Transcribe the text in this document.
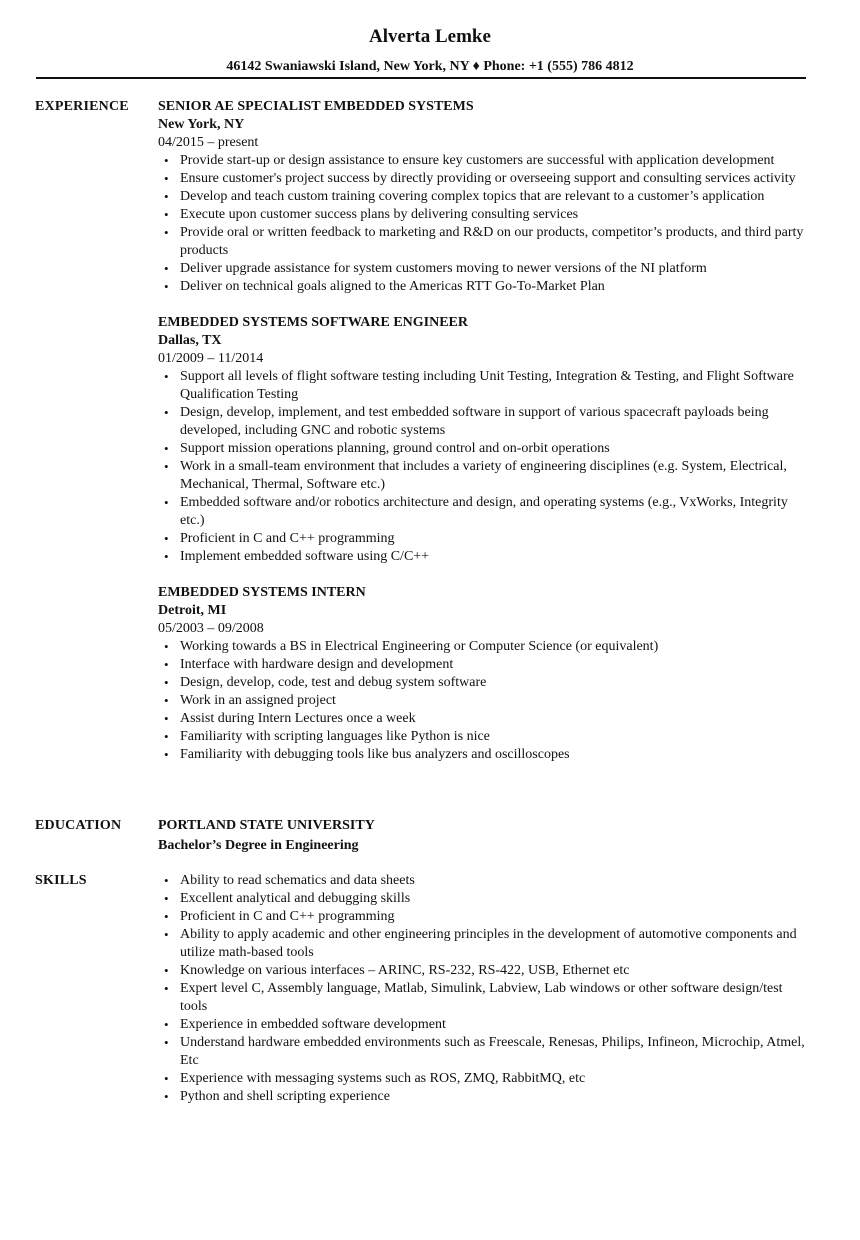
Alverta Lemke
46142 Swaniawski Island, New York, NY ♦ Phone: +1 (555) 786 4812
EXPERIENCE SENIOR AE SPECIALIST EMBEDDED SYSTEMS
New York, NY
04/2015 – present
• Provide start-up or design assistance to ensure key customers are successful with application development
• Ensure customer's project success by directly providing or overseeing support and consulting services activity
• Develop and teach custom training covering complex topics that are relevant to a customer’s application
• Execute upon customer success plans by delivering consulting services
• Provide oral or written feedback to marketing and R&D on our products, competitor’s products, and third party products
• Deliver upgrade assistance for system customers moving to newer versions of the NI platform
• Deliver on technical goals aligned to the Americas RTT Go-To-Market Plan
EMBEDDED SYSTEMS SOFTWARE ENGINEER
Dallas, TX
01/2009 – 11/2014
• Support all levels of flight software testing including Unit Testing, Integration & Testing, and Flight Software Qualification Testing
• Design, develop, implement, and test embedded software in support of various spacecraft payloads being developed, including GNC and robotic systems
• Support mission operations planning, ground control and on-orbit operations
• Work in a small-team environment that includes a variety of engineering disciplines (e.g. System, Electrical, Mechanical, Thermal, Software etc.)
• Embedded software and/or robotics architecture and design, and operating systems (e.g., VxWorks, Integrity etc.)
• Proficient in C and C++ programming
• Implement embedded software using C/C++
EMBEDDED SYSTEMS INTERN
Detroit, MI
05/2003 – 09/2008
• Working towards a BS in Electrical Engineering or Computer Science (or equivalent)
• Interface with hardware design and development
• Design, develop, code, test and debug system software
• Work in an assigned project
• Assist during Intern Lectures once a week
• Familiarity with scripting languages like Python is nice
• Familiarity with debugging tools like bus analyzers and oscilloscopes
EDUCATION	PORTLAND STATE UNIVERSITY
Bachelor’s Degree in Engineering
SKILLS
•	Ability to read schematics and data sheets
• Excellent analytical and debugging skills
• Proficient in C and C++ programming
• Ability to apply academic and other engineering principles in the development of automotive components and utilize math-based tools
• Knowledge on various interfaces – ARINC, RS-232, RS-422, USB, Ethernet etc
• Expert level C, Assembly language, Matlab, Simulink, Labview, Lab windows or other software design/test tools
• Experience in embedded software development
• Understand hardware embedded environments such as Freescale, Renesas, Philips, Infineon, Microchip, Atmel, Etc
• Experience with messaging systems such as ROS, ZMQ, RabbitMQ, etc
• Python and shell scripting experience
